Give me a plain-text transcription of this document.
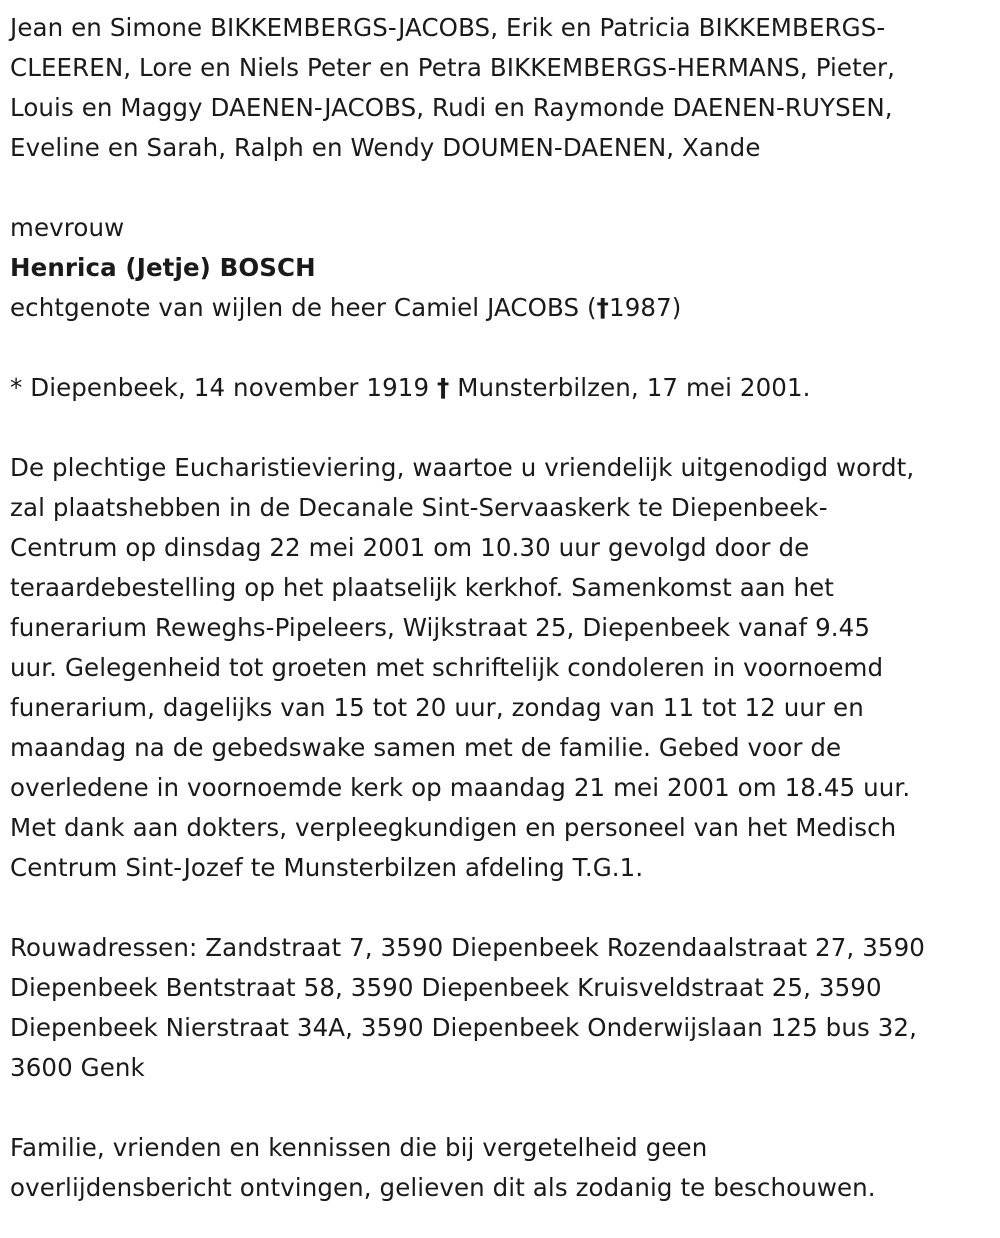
Jean en Simone BIKKEMBERGS-JACOBS, Erik en Patricia BIKKEMBERGS-
CLEEREN, Lore en Niels Peter en Petra BIKKEMBERGS-HERMANS, Pieter,
Louis en Maggy DAENEN-JACOBS, Rudi en Raymonde DAENEN-RUYSEN,
Eveline en Sarah, Ralph en Wendy DOUMEN-DAENEN, Xande
mevrouw
Henrica (Jetje) BOSCH
echtgenote van wijlen de heer Camiel JACOBS (†1987)
* Diepenbeek, 14 november 1919 † Munsterbilzen, 17 mei 2001.
De plechtige Eucharistieviering, waartoe u vriendelijk uitgenodigd wordt,
zal plaatshebben in de Decanale Sint-Servaaskerk te Diepenbeek-
Centrum op dinsdag 22 mei 2001 om 10.30 uur gevolgd door de
teraardebestelling op het plaatselijk kerkhof. Samenkomst aan het
funerarium Reweghs-Pipeleers, Wijkstraat 25, Diepenbeek vanaf 9.45
uur. Gelegenheid tot groeten met schriftelijk condoleren in voornoemd
funerarium, dagelijks van 15 tot 20 uur, zondag van 11 tot 12 uur en
maandag na de gebedswake samen met de familie. Gebed voor de
overledene in voornoemde kerk op maandag 21 mei 2001 om 18.45 uur.
Met dank aan dokters, verpleegkundigen en personeel van het Medisch
Centrum Sint-Jozef te Munsterbilzen afdeling T.G.1.
Rouwadressen: Zandstraat 7, 3590 Diepenbeek Rozendaalstraat 27, 3590
Diepenbeek Bentstraat 58, 3590 Diepenbeek Kruisveldstraat 25, 3590
Diepenbeek Nierstraat 34A, 3590 Diepenbeek Onderwijslaan 125 bus 32,
3600 Genk
Familie, vrienden en kennissen die bij vergetelheid geen
overlijdensbericht ontvingen, gelieven dit als zodanig te beschouwen.
